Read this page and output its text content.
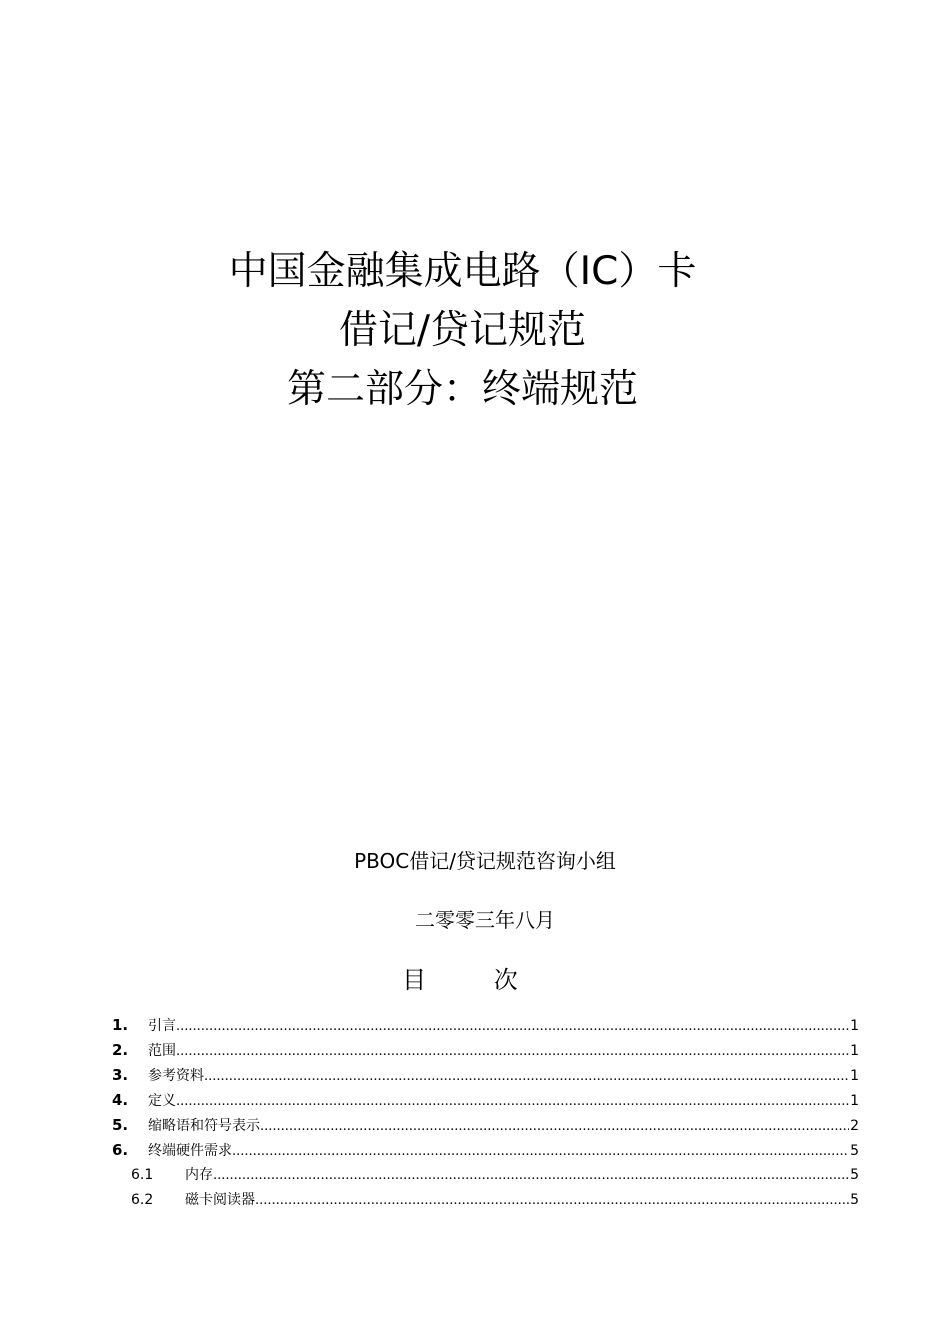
中国金融集成电路（IC）卡
借记/贷记规范
第二部分：终端规范
PBOC借记/贷记规范咨询小组
二零零三年八月
目 次
1.	引言 .....	1
2.	范围 .....	1
3.	参考资料 .....	1
4.	定义 .....	1
5.	缩略语和符号表示 .....	2
6.	终端硬件需求 .....	5
6.1	内存 .....	5
6.2	磁卡阅读器 .....	5
